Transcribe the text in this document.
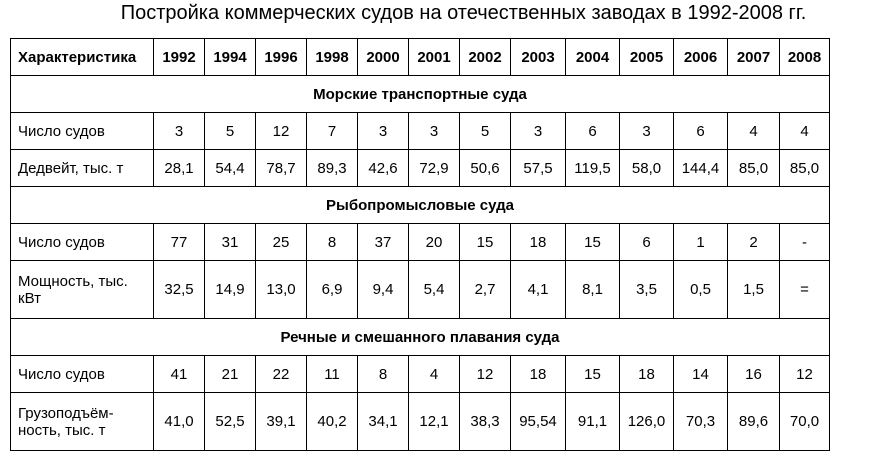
Постройка коммерческих судов на отечественных заводах в 1992-2008 гг.
Характеристика	1992	1994	1996	1998	2000	2001	2002	2003	2004	2005	2006	2007	2008
Морские транспортные суда													
Число судов	3	5	12	7	3	3	5	3	6	3	6	4	4
Дедвейт, тыс. т	28,1	54,4	78,7	89,3	42,6	72,9	50,6	57,5	119,5	58,0	144,4	85,0	85,0
Рыбопромысловые суда													
Число судов	77	31	25	8	37	20	15	18	15	6	1	2	-
Мощность, тыс. кВт	32,5	14,9	13,0	6,9	9,4	5,4	2,7	4,1	8,1	3,5	0,5	1,5	=
Речные и смешанного плавания суда													
Число судов	41	21	22	11	8	4	12	18	15	18	14	16	12
Грузоподъём-ность, тыс. т	41,0	52,5	39,1	40,2	34,1	12,1	38,3	95,54	91,1	126,0	70,3	89,6	70,0
